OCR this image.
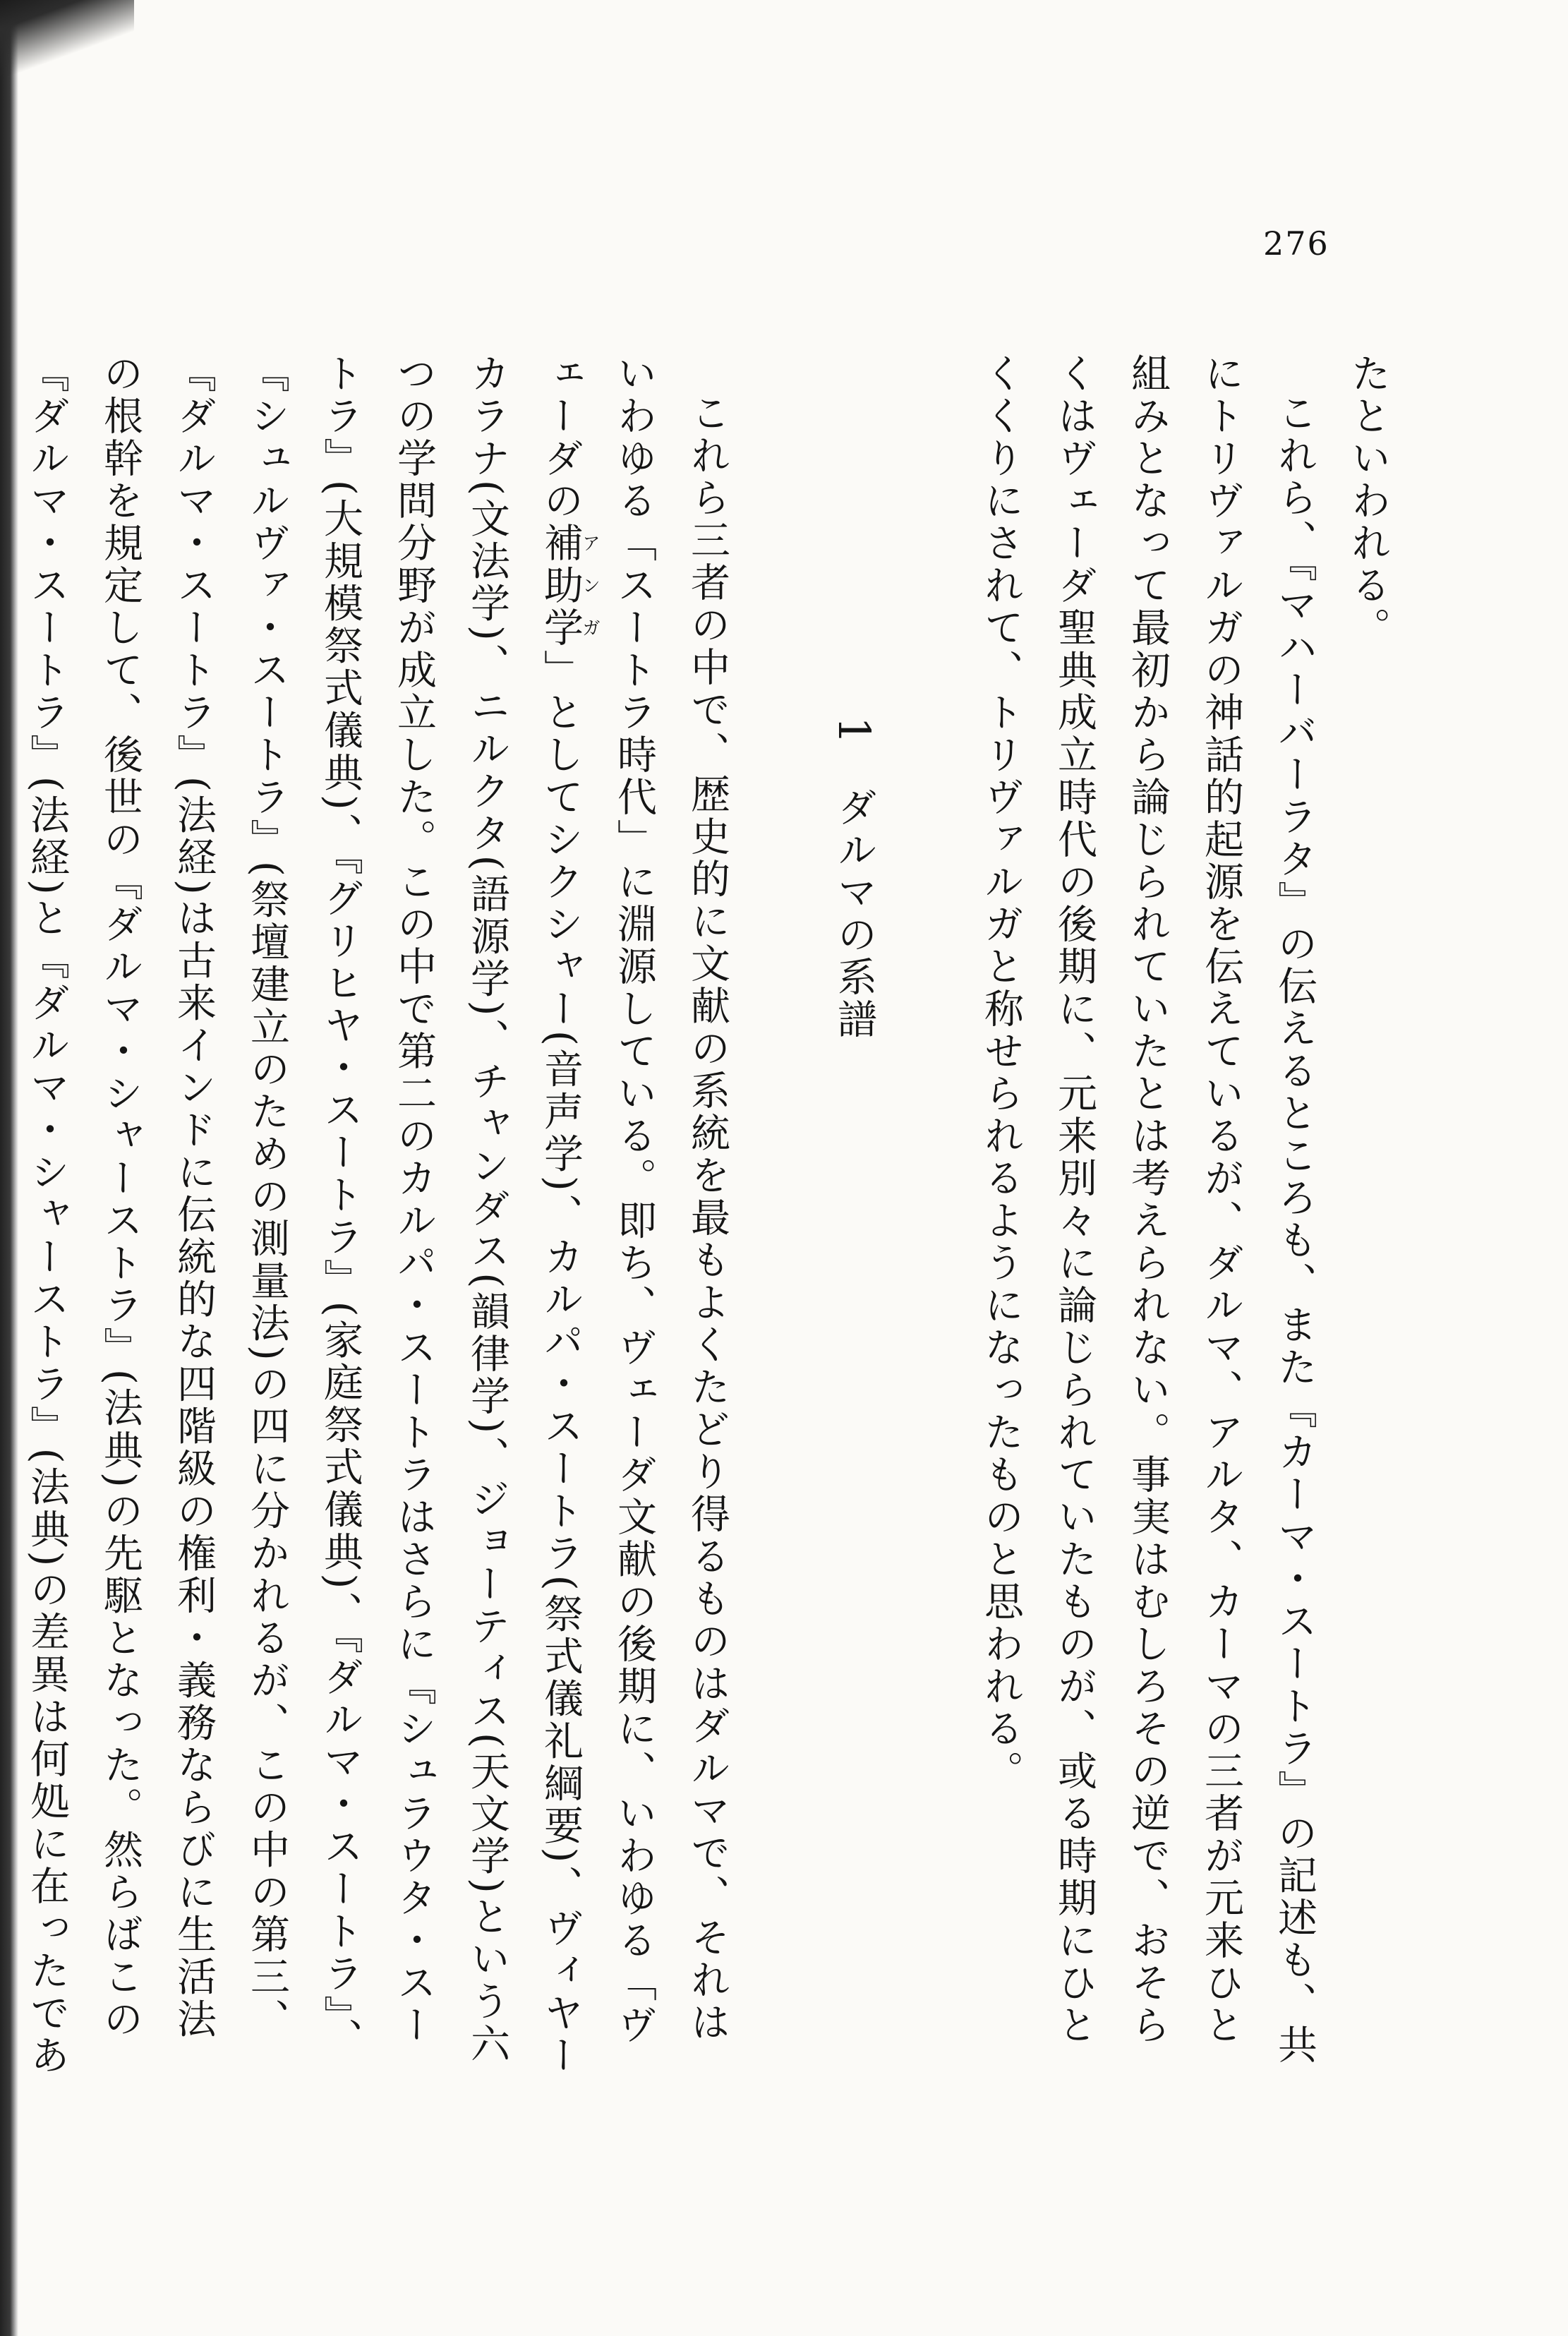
276

たといわれる。

これら、『マハーバーラタ』の伝えるところも、また『カーマ・スートラ』の記述も、共にトリヴァルガの神話的起源を伝えているが、ダルマ、アルタ、カーマの三者が元来ひと組みとなって最初から論じられていたとは考えられない。事実はむしろその逆で、おそらくはヴェーダ聖典成立時代の後期に、元来別々に論じられていたものが、或る時期にひとくくりにされて、トリヴァルガと称せられるようになったものと思われる。

1ダルマの系譜

これら三者の中で、歴史的に文献の系統を最もよくたどり得るものはダルマで、それはいわゆる「スートラ時代」に淵源している。即ち、ヴェーダ文献の後期に、いわゆる「ヴェーダの補助学アンガ」としてシクシャー(音声学)、カルパ・スートラ(祭式儀礼綱要)、ヴィヤーカラナ(文法学)、ニルクタ(語源学)、チャンダス(韻律学)、ジョーティス(天文学)という六つの学問分野が成立した。この中で第二のカルパ・スートラはさらに『シュラウタ・スートラ』(大規模祭式儀典)、『グリヒヤ・スートラ』(家庭祭式儀典)、『ダルマ・スートラ』、『シュルヴァ・スートラ』(祭壇建立のための測量法)の四に分かれるが、この中の第三、『ダルマ・スートラ』(法経)は古来インドに伝統的な四階級の権利・義務ならびに生活法の根幹を規定して、後世の『ダルマ・シャーストラ』(法典)の先駆となった。然らばこの『ダルマ・スートラ』(法経)と『ダルマ・シャーストラ』(法典)の差異は何処に在ったであ
